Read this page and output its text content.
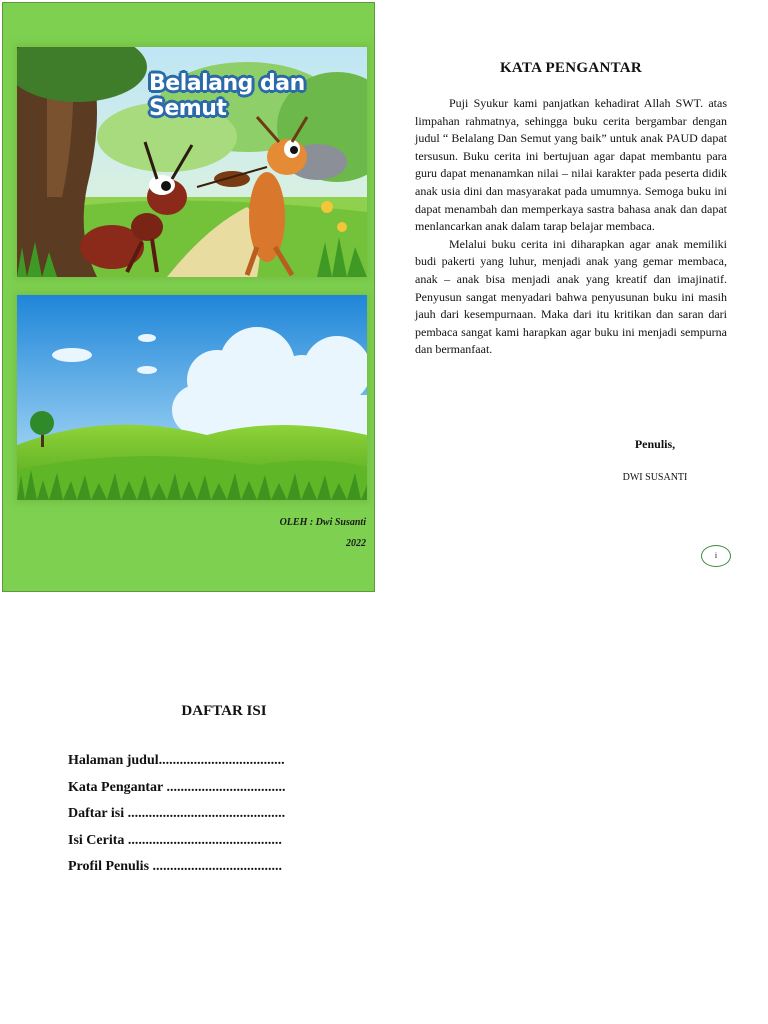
Belalang dan Semut
OLEH : Dwi Susanti
2022
KATA PENGANTAR

Puji Syukur kami panjatkan kehadirat Allah SWT. atas limpahan rahmatnya, sehingga buku cerita bergambar dengan judul “ Belalang Dan Semut yang baik” untuk anak PAUD dapat tersusun. Buku cerita ini bertujuan agar dapat membantu para guru dapat menanamkan nilai – nilai karakter pada peserta didik anak usia dini dan masyarakat pada umumnya. Semoga buku ini dapat menambah dan memperkaya sastra bahasa anak dan dapat menlancarkan anak dalam tarap belajar membaca.

Melalui buku cerita ini diharapkan agar anak memiliki budi pakerti yang luhur, menjadi anak yang gemar membaca, anak – anak bisa menjadi anak yang kreatif dan imajinatif. Penyusun sangat menyadari bahwa penyusunan buku ini masih jauh dari kesempurnaan. Maka dari itu kritikan dan saran dari pembaca sangat kami harapkan agar buku ini menjadi sempurna dan bermanfaat.

Penulis,
DWI SUSANTI
i
DAFTAR ISI
Halaman judul....................................
Kata Pengantar ..................................
Daftar isi .............................................
Isi Cerita ............................................
Profil Penulis .....................................
